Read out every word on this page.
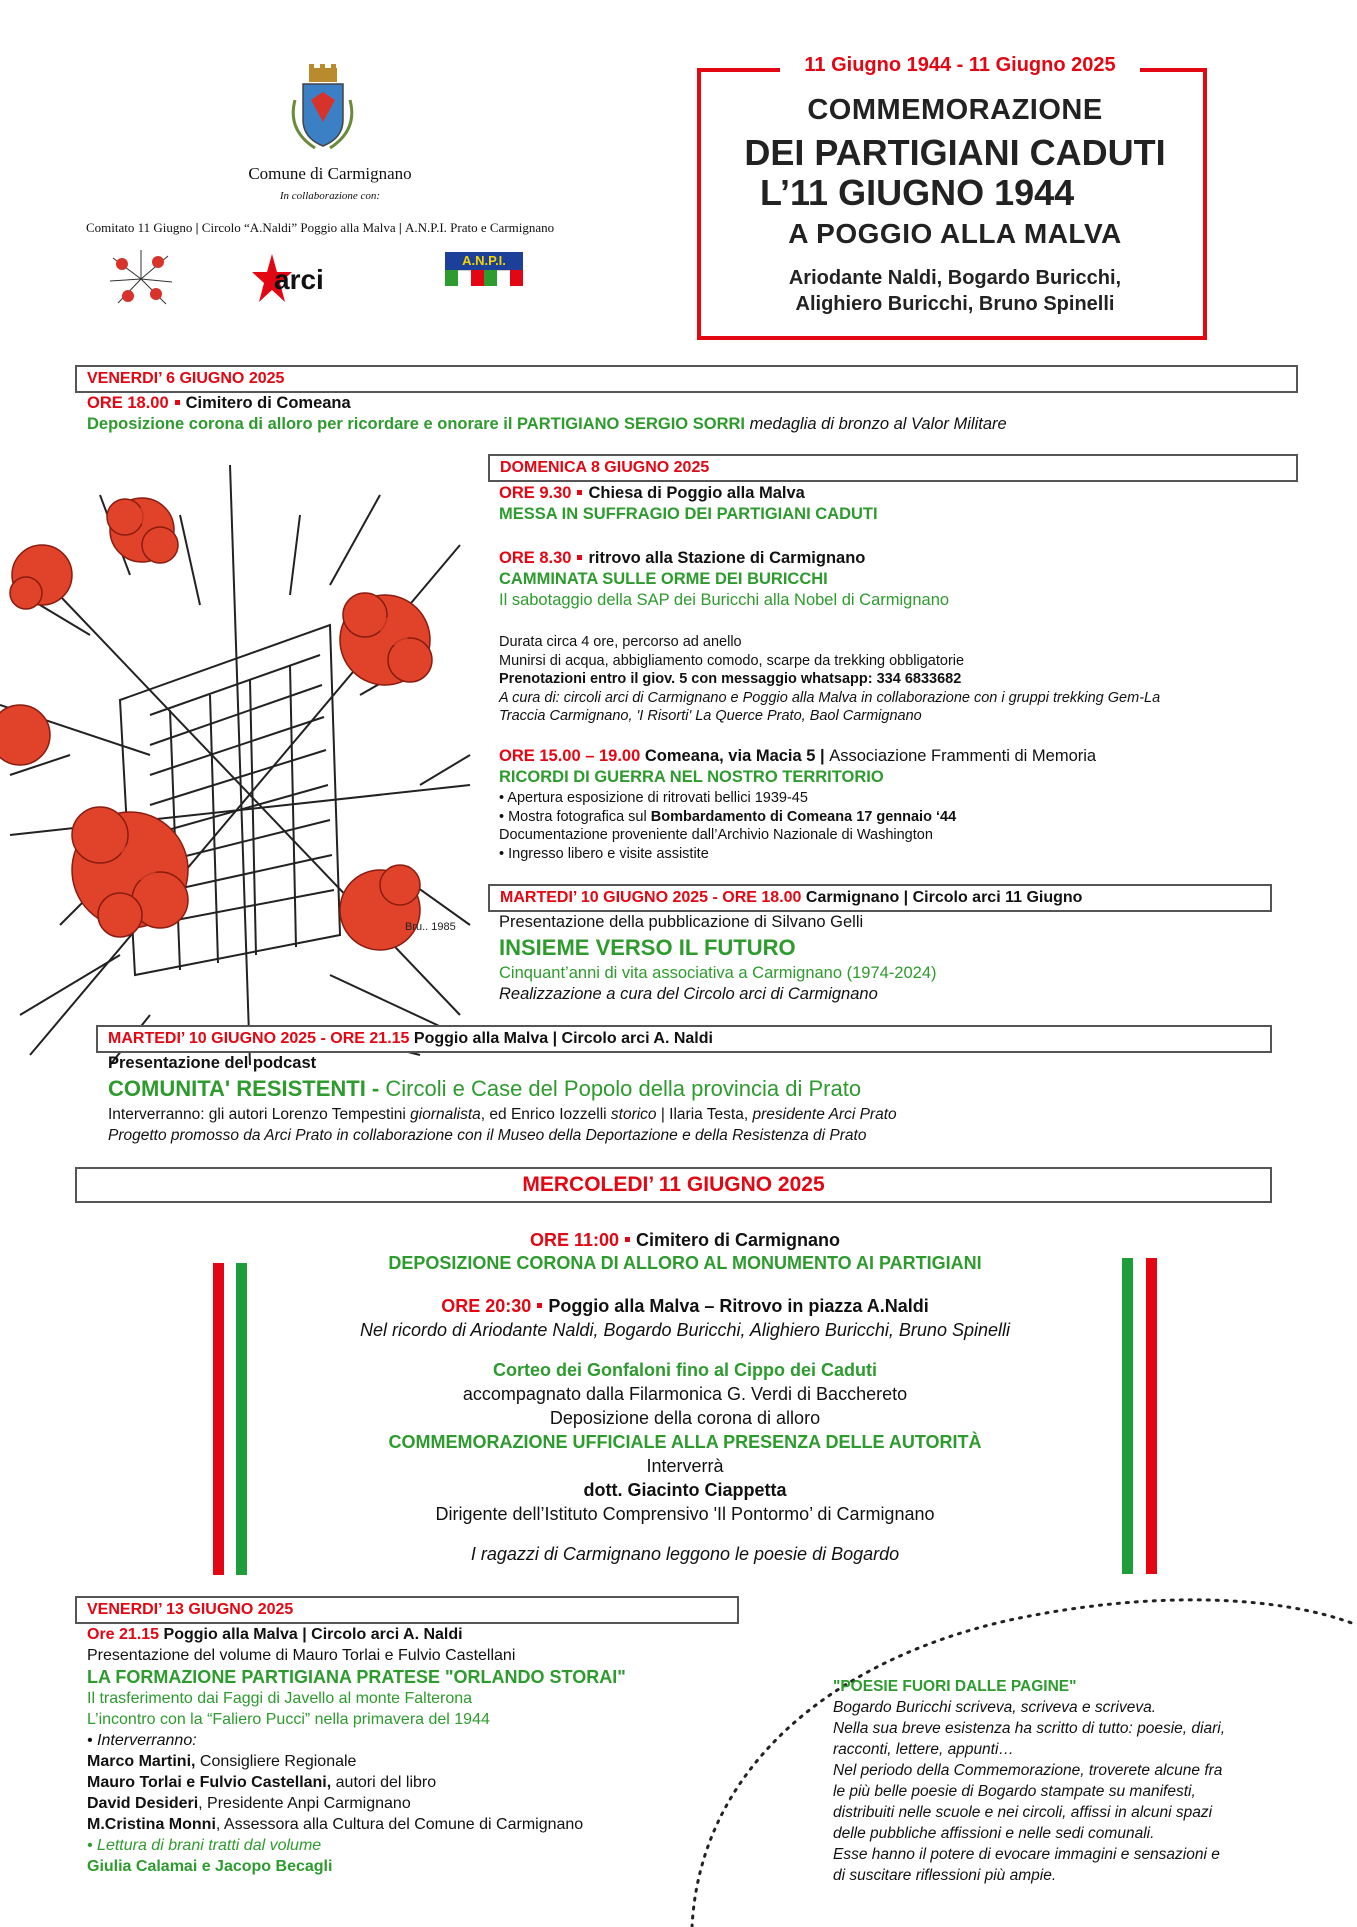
Comune di Carmignano
In collaborazione con:
Comitato 11 Giugno | Circolo “A.Naldi” Poggio alla Malva | A.N.P.I. Prato e Carmignano
arci
A.N.P.I.
11 Giugno 1944 - 11 Giugno 2025
COMMEMORAZIONE
DEI PARTIGIANI CADUTI
L’11 GIUGNO 1944
A POGGIO ALLA MALVA
Ariodante Naldi, Bogardo Buricchi,
Alighiero Buricchi, Bruno Spinelli
VENERDI’ 6 GIUGNO 2025
ORE 18.00 Cimitero di Comeana
Deposizione corona di alloro per ricordare e onorare il PARTIGIANO SERGIO SORRI medaglia di bronzo al Valor Militare
Bru.. 1985
DOMENICA 8 GIUGNO 2025
ORE 9.30 Chiesa di Poggio alla Malva
MESSA IN SUFFRAGIO DEI PARTIGIANI CADUTI
ORE 8.30 ritrovo alla Stazione di Carmignano
CAMMINATA SULLE ORME DEI BURICCHI
Il sabotaggio della SAP dei Buricchi alla Nobel di Carmignano
Durata circa 4 ore, percorso ad anello
Munirsi di acqua, abbigliamento comodo, scarpe da trekking obbligatorie
Prenotazioni entro il giov. 5 con messaggio whatsapp: 334 6833682
A cura di: circoli arci di Carmignano e Poggio alla Malva in collaborazione con i gruppi trekking Gem-La
Traccia Carmignano, 'I Risorti' La Querce Prato, Baol Carmignano
ORE 15.00 – 19.00 Comeana, via Macia 5 | Associazione Frammenti di Memoria
RICORDI DI GUERRA NEL NOSTRO TERRITORIO
• Apertura esposizione di ritrovati bellici 1939-45
• Mostra fotografica sul Bombardamento di Comeana 17 gennaio ‘44
Documentazione proveniente dall’Archivio Nazionale di Washington
• Ingresso libero e visite assistite
MARTEDI’ 10 GIUGNO 2025 - ORE 18.00 Carmignano | Circolo arci 11 Giugno
Presentazione della pubblicazione di Silvano Gelli
INSIEME VERSO IL FUTURO
Cinquant’anni di vita associativa a Carmignano (1974-2024)
Realizzazione a cura del Circolo arci di Carmignano
MARTEDI’ 10 GIUGNO 2025 - ORE 21.15 Poggio alla Malva | Circolo arci A. Naldi
Presentazione del podcast
COMUNITA' RESISTENTI - Circoli e Case del Popolo della provincia di Prato
Interverranno: gli autori Lorenzo Tempestini giornalista, ed Enrico Iozzelli storico | Ilaria Testa, presidente Arci Prato
Progetto promosso da Arci Prato in collaborazione con il Museo della Deportazione e della Resistenza di Prato
MERCOLEDI’ 11 GIUGNO 2025
ORE 11:00 Cimitero di Carmignano
DEPOSIZIONE CORONA DI ALLORO AL MONUMENTO AI PARTIGIANI
ORE 20:30 Poggio alla Malva – Ritrovo in piazza A.Naldi
Nel ricordo di Ariodante Naldi, Bogardo Buricchi, Alighiero Buricchi, Bruno Spinelli
Corteo dei Gonfaloni fino al Cippo dei Caduti
accompagnato dalla Filarmonica G. Verdi di Bacchereto
Deposizione della corona di alloro
COMMEMORAZIONE UFFICIALE ALLA PRESENZA DELLE AUTORITÀ
Interverrà
dott. Giacinto Ciappetta
Dirigente dell’Istituto Comprensivo 'Il Pontormo’ di Carmignano
I ragazzi di Carmignano leggono le poesie di Bogardo
VENERDI’ 13 GIUGNO 2025
Ore 21.15 Poggio alla Malva | Circolo arci A. Naldi
Presentazione del volume di Mauro Torlai e Fulvio Castellani
LA FORMAZIONE PARTIGIANA PRATESE "ORLANDO STORAI"
Il trasferimento dai Faggi di Javello al monte Falterona
L’incontro con la “Faliero Pucci” nella primavera del 1944
• Interverranno:
Marco Martini, Consigliere Regionale
Mauro Torlai e Fulvio Castellani, autori del libro
David Desideri, Presidente Anpi Carmignano
M.Cristina Monni, Assessora alla Cultura del Comune di Carmignano
• Lettura di brani tratti dal volume
Giulia Calamai e Jacopo Becagli
"POESIE FUORI DALLE PAGINE"
Bogardo Buricchi scriveva, scriveva e scriveva.
Nella sua breve esistenza ha scritto di tutto: poesie, diari,
racconti, lettere, appunti…
Nel periodo della Commemorazione, troverete alcune fra
le più belle poesie di Bogardo stampate su manifesti,
distribuiti nelle scuole e nei circoli, affissi in alcuni spazi
delle pubbliche affissioni e nelle sedi comunali.
Esse hanno il potere di evocare immagini e sensazioni e
di suscitare riflessioni più ampie.
